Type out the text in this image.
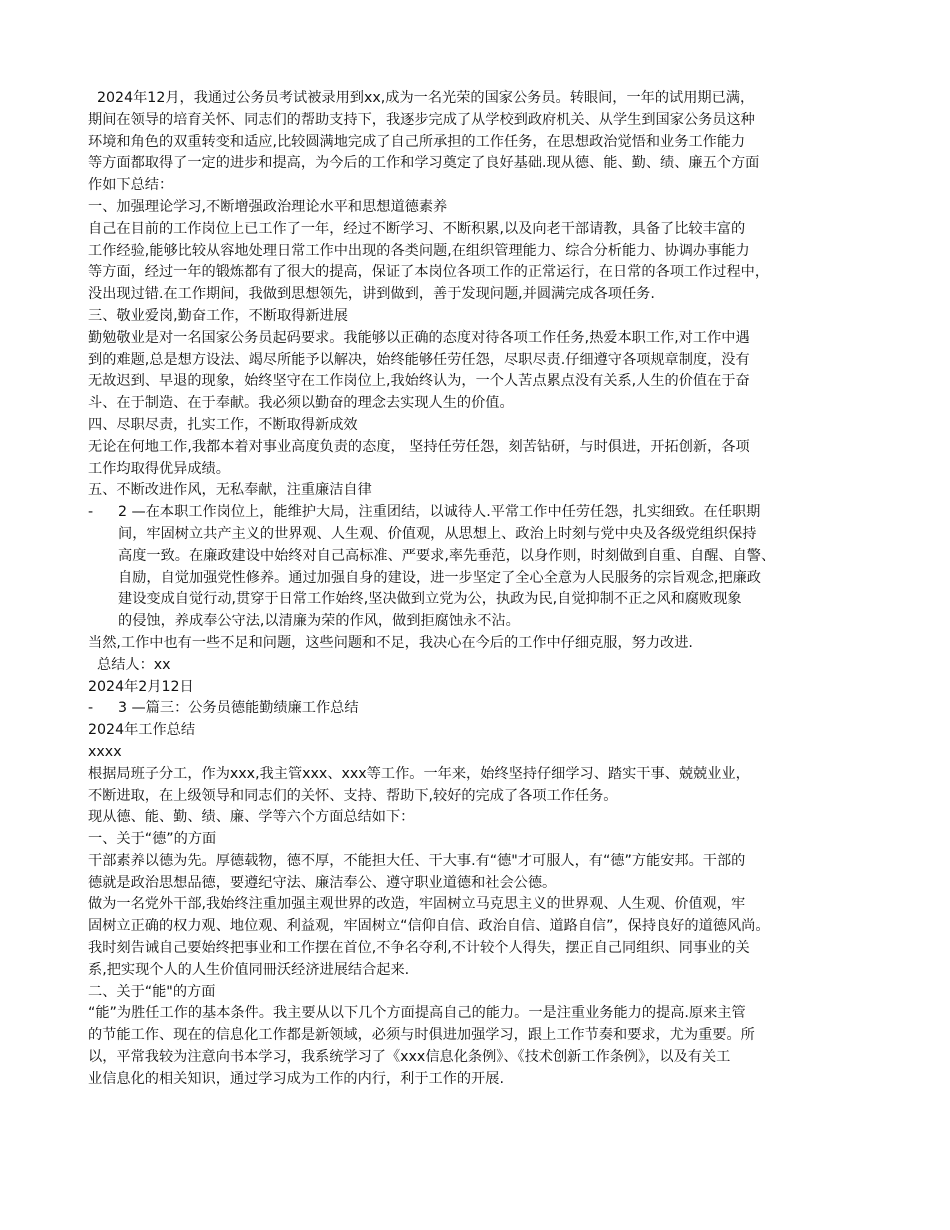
2024年12月，我通过公务员考试被录用到xx,成为一名光荣的国家公务员。转眼间，一年的试用期已满，

期间在领导的培育关怀、同志们的帮助支持下，我逐步完成了从学校到政府机关、从学生到国家公务员这种

环境和角色的双重转变和适应,比较圆满地完成了自己所承担的工作任务，在思想政治觉悟和业务工作能力

等方面都取得了一定的进步和提高，为今后的工作和学习奠定了良好基础.现从德、能、勤、绩、廉五个方面

作如下总结：

一、加强理论学习,不断增强政治理论水平和思想道德素养

自己在目前的工作岗位上已工作了一年，经过不断学习、不断积累,以及向老干部请教，具备了比较丰富的

工作经验,能够比较从容地处理日常工作中出现的各类问题,在组织管理能力、综合分析能力、协调办事能力

等方面，经过一年的锻炼都有了很大的提高，保证了本岗位各项工作的正常运行，在日常的各项工作过程中，

没出现过错.在工作期间，我做到思想领先，讲到做到，善于发现问题,并圆满完成各项任务.

三、敬业爱岗,勤奋工作，不断取得新进展

勤勉敬业是对一名国家公务员起码要求。我能够以正确的态度对待各项工作任务,热爱本职工作,对工作中遇

到的难题,总是想方设法、竭尽所能予以解决，始终能够任劳任怨，尽职尽责.仔细遵守各项规章制度，没有

无故迟到、早退的现象，始终坚守在工作岗位上,我始终认为，一个人苦点累点没有关系,人生的价值在于奋

斗、在于制造、在于奉献。我必须以勤奋的理念去实现人生的价值。

四、尽职尽责，扎实工作，不断取得新成效

无论在何地工作,我都本着对事业高度负责的态度， 坚持任劳任怨，刻苦钻研，与时俱进，开拓创新，各项

工作均取得优异成绩。

五、不断改进作风，无私奉献，注重廉洁自律

- 2 —在本职工作岗位上，能维护大局，注重团结，以诚待人.平常工作中任劳任怨，扎实细致。在任职期

间，牢固树立共产主义的世界观、人生观、价值观，从思想上、政治上时刻与党中央及各级党组织保持

高度一致。在廉政建设中始终对自己高标准、严要求,率先垂范，以身作则，时刻做到自重、自醒、自警、

自励，自觉加强党性修养。通过加强自身的建设，进一步坚定了全心全意为人民服务的宗旨观念,把廉政

建设变成自觉行动,贯穿于日常工作始终,坚决做到立党为公，执政为民,自觉抑制不正之风和腐败现象

的侵蚀，养成奉公守法,以清廉为荣的作风，做到拒腐蚀永不沾。

当然,工作中也有一些不足和问题，这些问题和不足，我决心在今后的工作中仔细克服，努力改进.

总结人：xx

2024年2月12日

- 3 —篇三：公务员德能勤绩廉工作总结

2024年工作总结

xxxx

根据局班子分工，作为xxx,我主管xxx、xxx等工作。一年来，始终坚持仔细学习、踏实干事、兢兢业业，

不断进取，在上级领导和同志们的关怀、支持、帮助下,较好的完成了各项工作任务。

现从德、能、勤、绩、廉、学等六个方面总结如下：

一、关于“德”的方面

干部素养以德为先。厚德载物，德不厚，不能担大任、干大事.有“德"才可服人，有“德”方能安邦。干部的

德就是政治思想品德，要遵纪守法、廉洁奉公、遵守职业道德和社会公德。

做为一名党外干部,我始终注重加强主观世界的改造，牢固树立马克思主义的世界观、人生观、价值观，牢

固树立正确的权力观、地位观、利益观，牢固树立“信仰自信、政治自信、道路自信”，保持良好的道德风尚。

我时刻告诫自己要始终把事业和工作摆在首位,不争名夺利,不计较个人得失，摆正自己同组织、同事业的关

系,把实现个人的人生价值同冊沃经济进展结合起来.

二、关于“能"的方面

“能”为胜任工作的基本条件。我主要从以下几个方面提高自己的能力。一是注重业务能力的提高.原来主管

的节能工作、现在的信息化工作都是新领域，必须与时俱进加强学习，跟上工作节奏和要求，尤为重要。所

以，平常我较为注意向书本学习，我系统学习了《xxx信息化条例》、《技术创新工作条例》，以及有关工

业信息化的相关知识，通过学习成为工作的内行，利于工作的开展.
